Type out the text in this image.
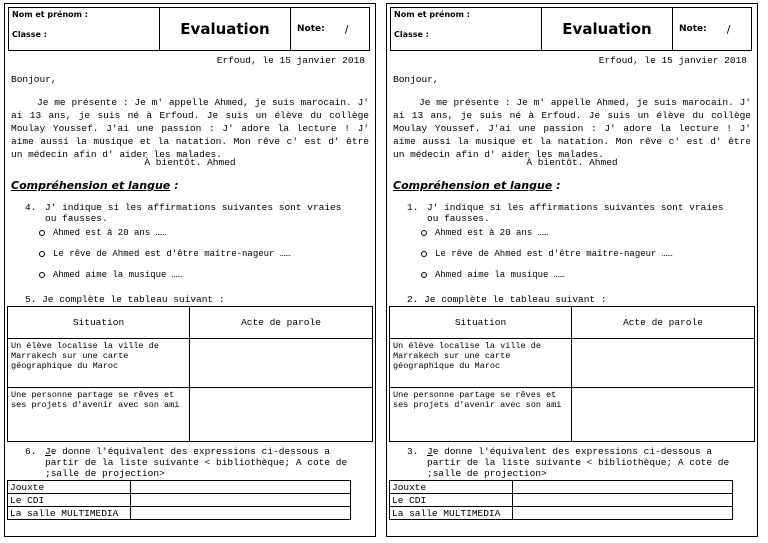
Nom et prénom :
Classe :	Evaluation	Note: /
Erfoud, le 15 janvier 2018
Bonjour,

Je me présente : Je m' appelle Ahmed, je suis marocain. J' ai 13 ans, je suis né à Erfoud. Je suis un élève du collège Moulay Youssef. J'ai une passion : J' adore la lecture ! J' aime aussi la musique et la natation. Mon rêve c' est d' être un médecin afin d' aider les malades.

À bientôt. Ahmed
Compréhension et langue :
4. J' indique si les affirmations suivantes sont vraies ou fausses.
Ahmed est à 20 ans ……
Le rêve de Ahmed est d'être maître-nageur ……
Ahmed aime la musique ……
5. Je complète le tableau suivant :
Situation	Acte de parole
Un élève localise la ville de Marrakech sur une carte géographique du Maroc	
Une personne partage se rêves et ses projets d'avenir avec son ami	
6. Je donne l'équivalent des expressions ci-dessous a partir de la liste suivante < bibliothèque; A cote de ;salle de projection>
Jouxte	
Le CDI	
La salle MULTIMEDIA	
Nom et prénom :
Classe :	Evaluation	Note: /
Erfoud, le 15 janvier 2018
Bonjour,

Je me présente : Je m' appelle Ahmed, je suis marocain. J' ai 13 ans, je suis né à Erfoud. Je suis un élève du collège Moulay Youssef. J'ai une passion : J' adore la lecture ! J' aime aussi la musique et la natation. Mon rêve c' est d' être un médecin afin d' aider les malades.

À bientôt. Ahmed
Compréhension et langue :
1. J' indique si les affirmations suivantes sont vraies ou fausses.
Ahmed est à 20 ans ……
Le rêve de Ahmed est d'être maître-nageur ……
Ahmed aime la musique ……
2. Je complète le tableau suivant :
Situation	Acte de parole
Un élève localise la ville de Marrakech sur une carte géographique du Maroc	
Une personne partage se rêves et ses projets d'avenir avec son ami	
3. Je donne l'équivalent des expressions ci-dessous a partir de la liste suivante < bibliothèque; A cote de ;salle de projection>
Jouxte	
Le CDI	
La salle MULTIMEDIA	
